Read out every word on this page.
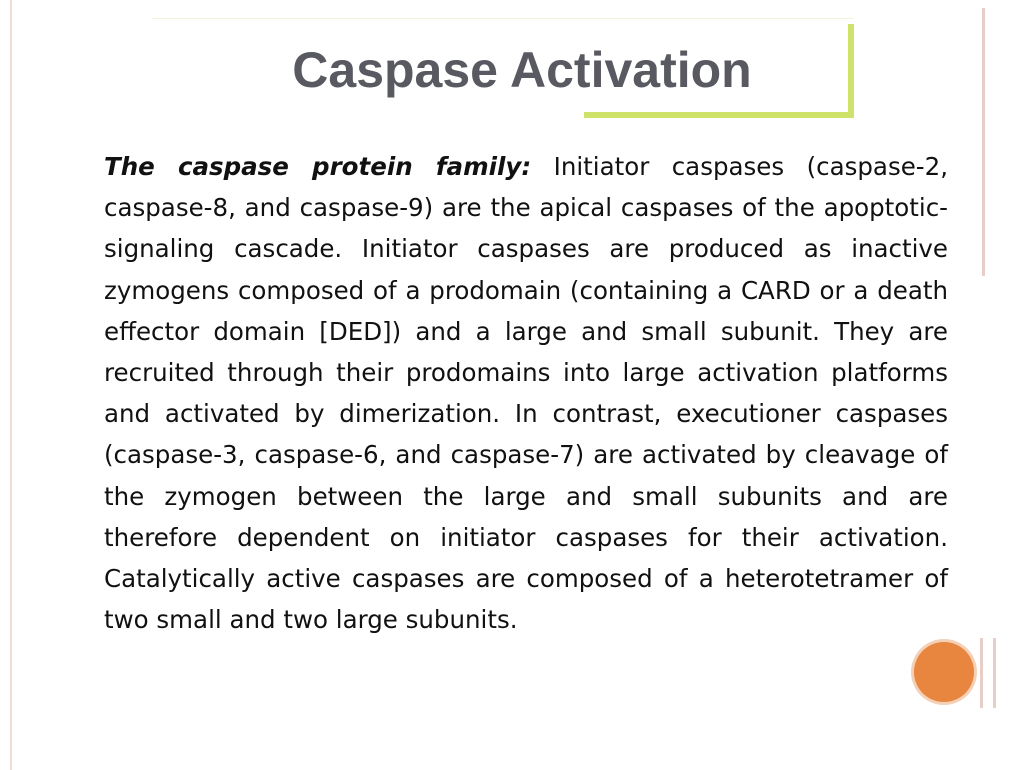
Caspase Activation

The caspase protein family: Initiator caspases (caspase-2, caspase-8, and caspase-9) are the apical caspases of the apoptotic-signaling cascade. Initiator caspases are produced as inactive zymogens composed of a prodomain (containing a CARD or a death effector domain [DED]) and a large and small subunit. They are recruited through their prodomains into large activation platforms and activated by dimerization. In contrast, executioner caspases (caspase-3, caspase-6, and caspase-7) are activated by cleavage of the zymogen between the large and small subunits and are therefore dependent on initiator caspases for their activation. Catalytically active caspases are composed of a heterotetramer of two small and two large subunits.
